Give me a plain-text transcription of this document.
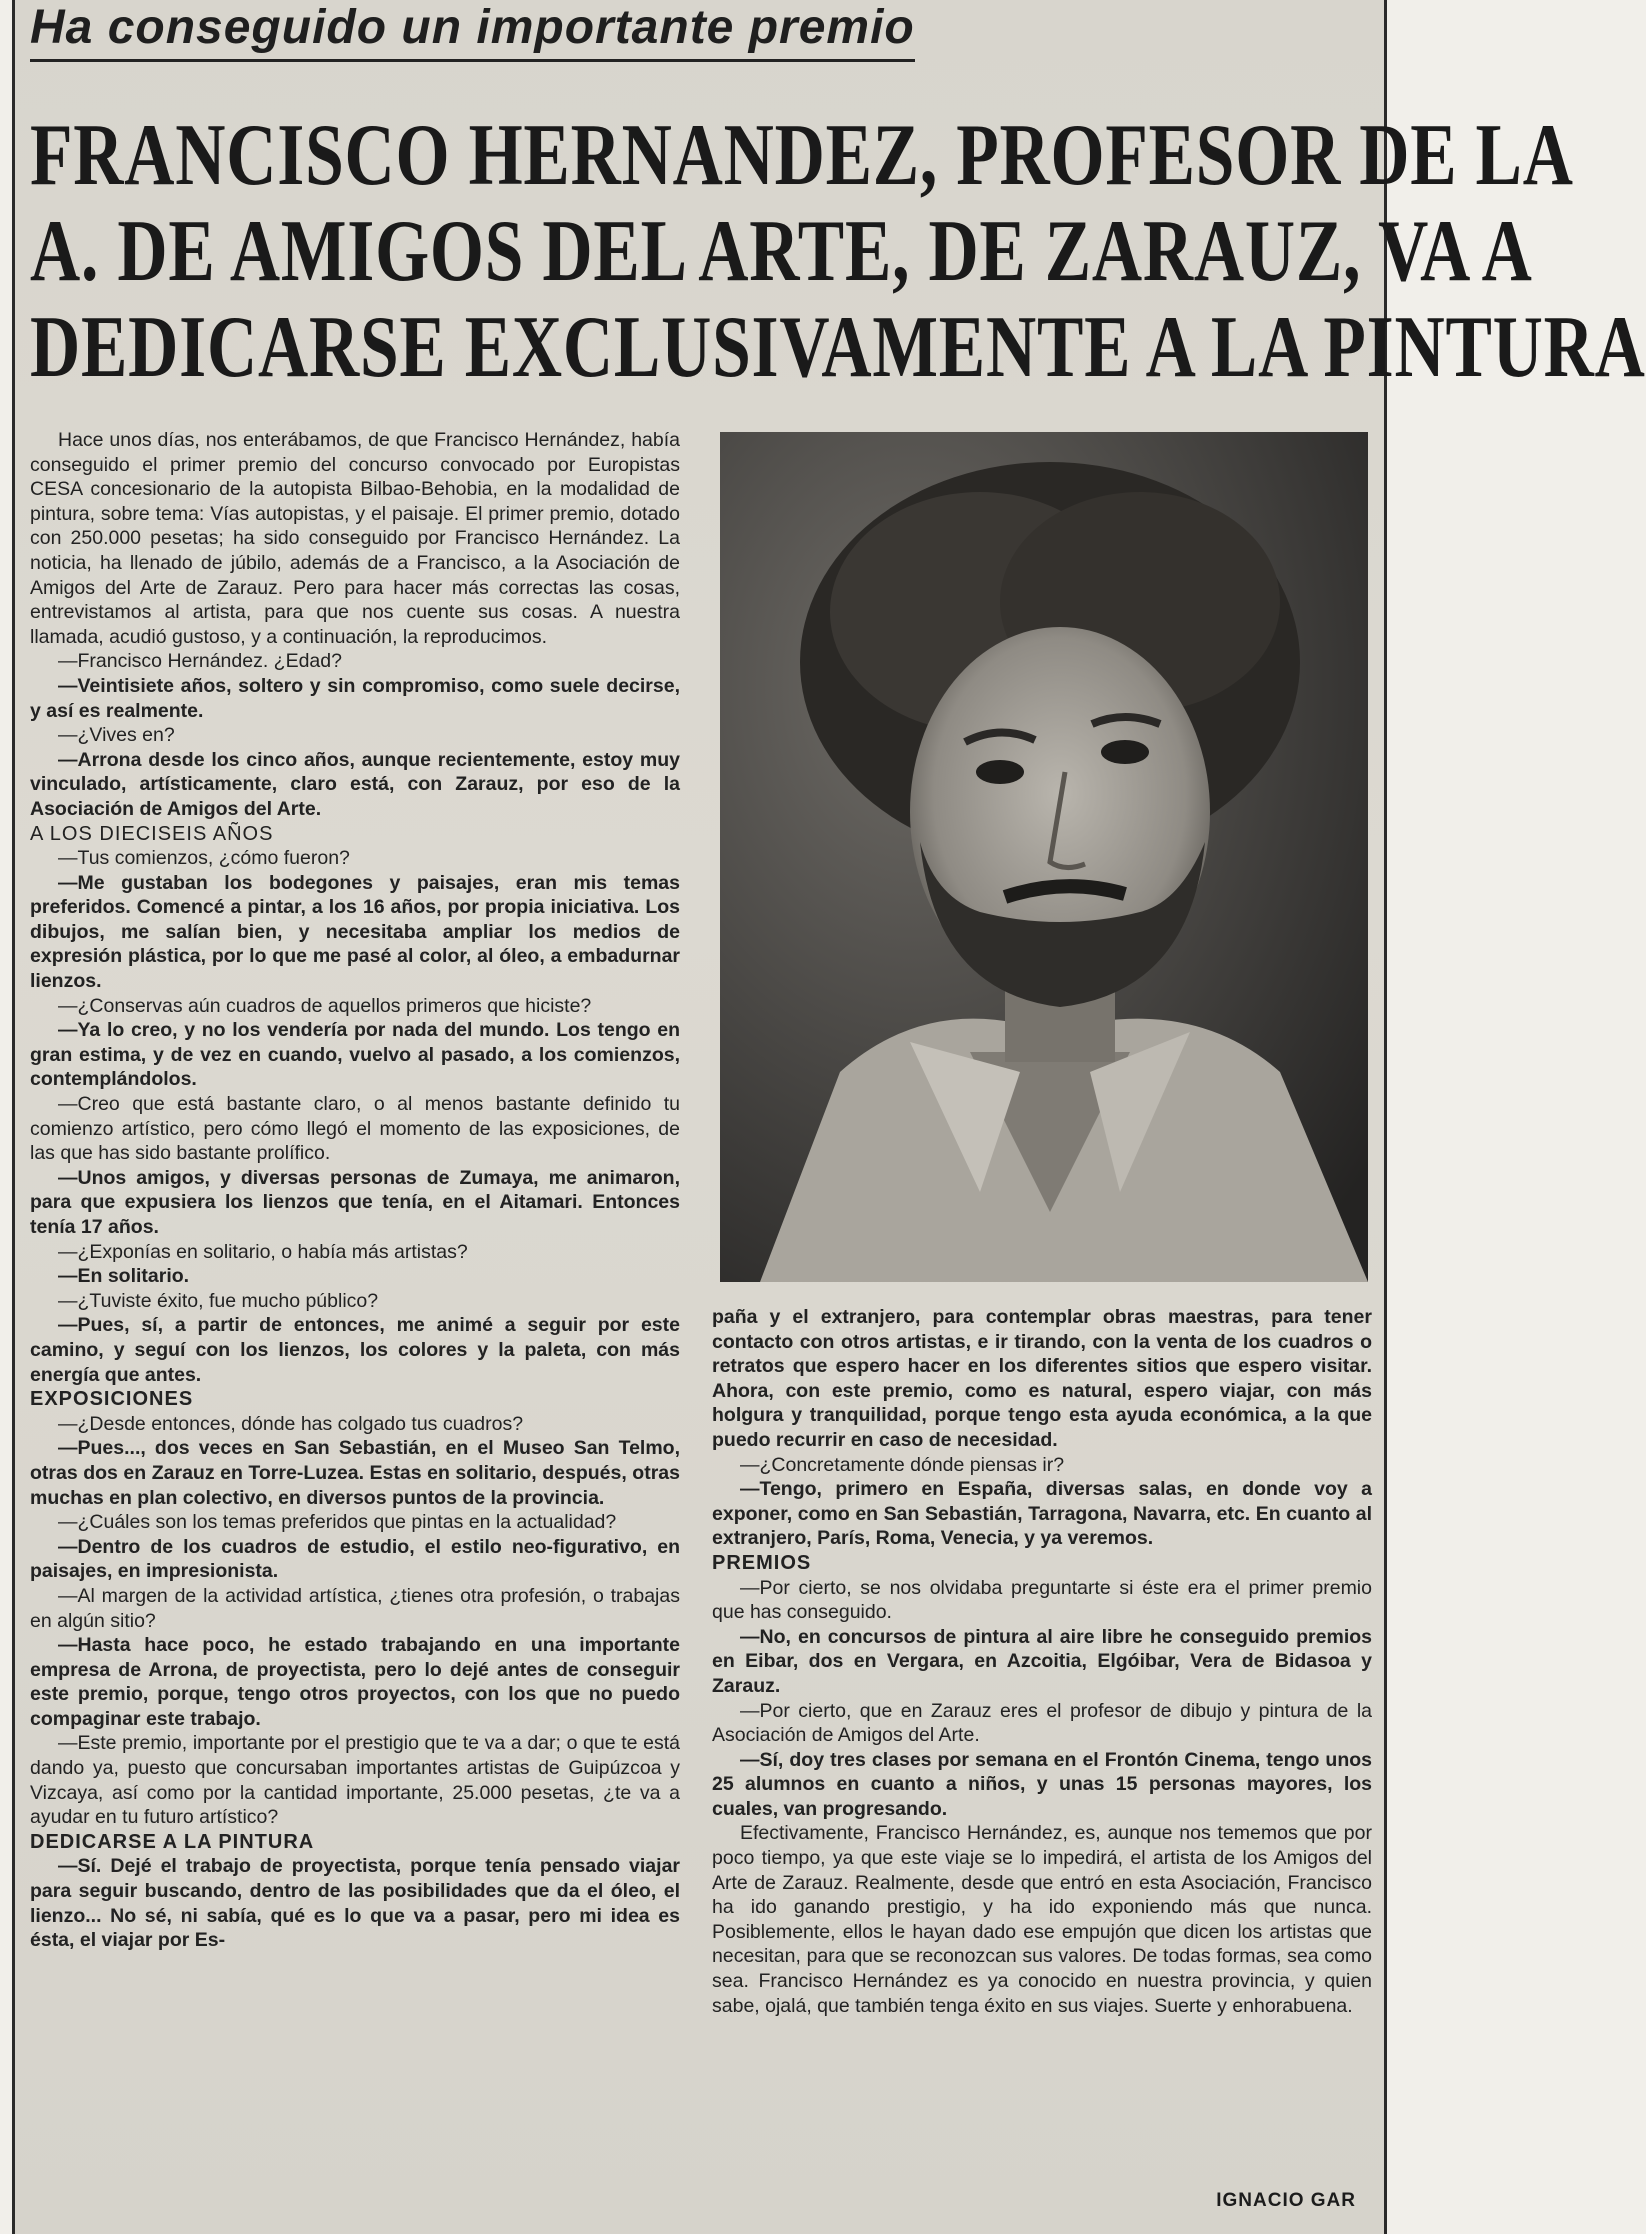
Ha conseguido un importante premio
FRANCISCO HERNANDEZ, PROFESOR DE LA
A. DE AMIGOS DEL ARTE, DE ZARAUZ, VA A
DEDICARSE EXCLUSIVAMENTE A LA PINTURA

Hace unos días, nos enterábamos, de que Francisco Hernández, había conseguido el primer premio del concurso convocado por Europistas CESA concesionario de la autopista Bilbao-Behobia, en la modalidad de pintura, sobre tema: Vías autopistas, y el paisaje. El primer premio, dotado con 250.000 pesetas; ha sido conseguido por Francisco Hernández. La noticia, ha llenado de júbilo, además de a Francisco, a la Asociación de Amigos del Arte de Zarauz. Pero para hacer más correctas las cosas, entrevistamos al artista, para que nos cuente sus cosas. A nuestra llamada, acudió gustoso, y a continuación, la reproducimos.

—Francisco Hernández. ¿Edad?

—Veintisiete años, soltero y sin compromiso, como suele decirse, y así es realmente.

—¿Vives en?

—Arrona desde los cinco años, aunque recientemente, estoy muy vinculado, artísticamente, claro está, con Zarauz, por eso de la Asociación de Amigos del Arte.

A LOS DIECISEIS AÑOS

—Tus comienzos, ¿cómo fueron?

—Me gustaban los bodegones y paisajes, eran mis temas preferidos. Comencé a pintar, a los 16 años, por propia iniciativa. Los dibujos, me salían bien, y necesitaba ampliar los medios de expresión plástica, por lo que me pasé al color, al óleo, a embadurnar lienzos.

—¿Conservas aún cuadros de aquellos primeros que hiciste?

—Ya lo creo, y no los vendería por nada del mundo. Los tengo en gran estima, y de vez en cuando, vuelvo al pasado, a los comienzos, contemplándolos.

—Creo que está bastante claro, o al menos bastante definido tu comienzo artístico, pero cómo llegó el momento de las exposiciones, de las que has sido bastante prolífico.

—Unos amigos, y diversas personas de Zumaya, me animaron, para que expusiera los lienzos que tenía, en el Aitamari. Entonces tenía 17 años.

—¿Exponías en solitario, o había más artistas?

—En solitario.

—¿Tuviste éxito, fue mucho público?

—Pues, sí, a partir de entonces, me animé a seguir por este camino, y seguí con los lienzos, los colores y la paleta, con más energía que antes.

EXPOSICIONES

—¿Desde entonces, dónde has colgado tus cuadros?

—Pues..., dos veces en San Sebastián, en el Museo San Telmo, otras dos en Zarauz en Torre-Luzea. Estas en solitario, después, otras muchas en plan colectivo, en diversos puntos de la provincia.

—¿Cuáles son los temas preferidos que pintas en la actualidad?

—Dentro de los cuadros de estudio, el estilo neo-figurativo, en paisajes, en impresionista.

—Al margen de la actividad artística, ¿tienes otra profesión, o trabajas en algún sitio?

—Hasta hace poco, he estado trabajando en una importante empresa de Arrona, de proyectista, pero lo dejé antes de conseguir este premio, porque, tengo otros proyectos, con los que no puedo compaginar este trabajo.

—Este premio, importante por el prestigio que te va a dar; o que te está dando ya, puesto que concursaban importantes artistas de Guipúzcoa y Vizcaya, así como por la cantidad importante, 25.000 pesetas, ¿te va a ayudar en tu futuro artístico?

DEDICARSE A LA PINTURA

—Sí. Dejé el trabajo de proyectista, porque tenía pensado viajar para seguir buscando, dentro de las posibilidades que da el óleo, el lienzo... No sé, ni sabía, qué es lo que va a pasar, pero mi idea es ésta, el viajar por Es-

paña y el extranjero, para contemplar obras maestras, para tener contacto con otros artistas, e ir tirando, con la venta de los cuadros o retratos que espero hacer en los diferentes sitios que espero visitar. Ahora, con este premio, como es natural, espero viajar, con más holgura y tranquilidad, porque tengo esta ayuda económica, a la que puedo recurrir en caso de necesidad.

—¿Concretamente dónde piensas ir?

—Tengo, primero en España, diversas salas, en donde voy a exponer, como en San Sebastián, Tarragona, Navarra, etc. En cuanto al extranjero, París, Roma, Venecia, y ya veremos.

PREMIOS

—Por cierto, se nos olvidaba preguntarte si éste era el primer premio que has conseguido.

—No, en concursos de pintura al aire libre he conseguido premios en Eibar, dos en Vergara, en Azcoitia, Elgóibar, Vera de Bidasoa y Zarauz.

—Por cierto, que en Zarauz eres el profesor de dibujo y pintura de la Asociación de Amigos del Arte.

—Sí, doy tres clases por semana en el Frontón Cinema, tengo unos 25 alumnos en cuanto a niños, y unas 15 personas mayores, los cuales, van progresando.

Efectivamente, Francisco Hernández, es, aunque nos tememos que por poco tiempo, ya que este viaje se lo impedirá, el artista de los Amigos del Arte de Zarauz. Realmente, desde que entró en esta Asociación, Francisco ha ido ganando prestigio, y ha ido exponiendo más que nunca. Posiblemente, ellos le hayan dado ese empujón que dicen los artistas que necesitan, para que se reconozcan sus valores. De todas formas, sea como sea. Francisco Hernández es ya conocido en nuestra provincia, y quien sabe, ojalá, que también tenga éxito en sus viajes. Suerte y enhorabuena.

IGNACIO GAR
